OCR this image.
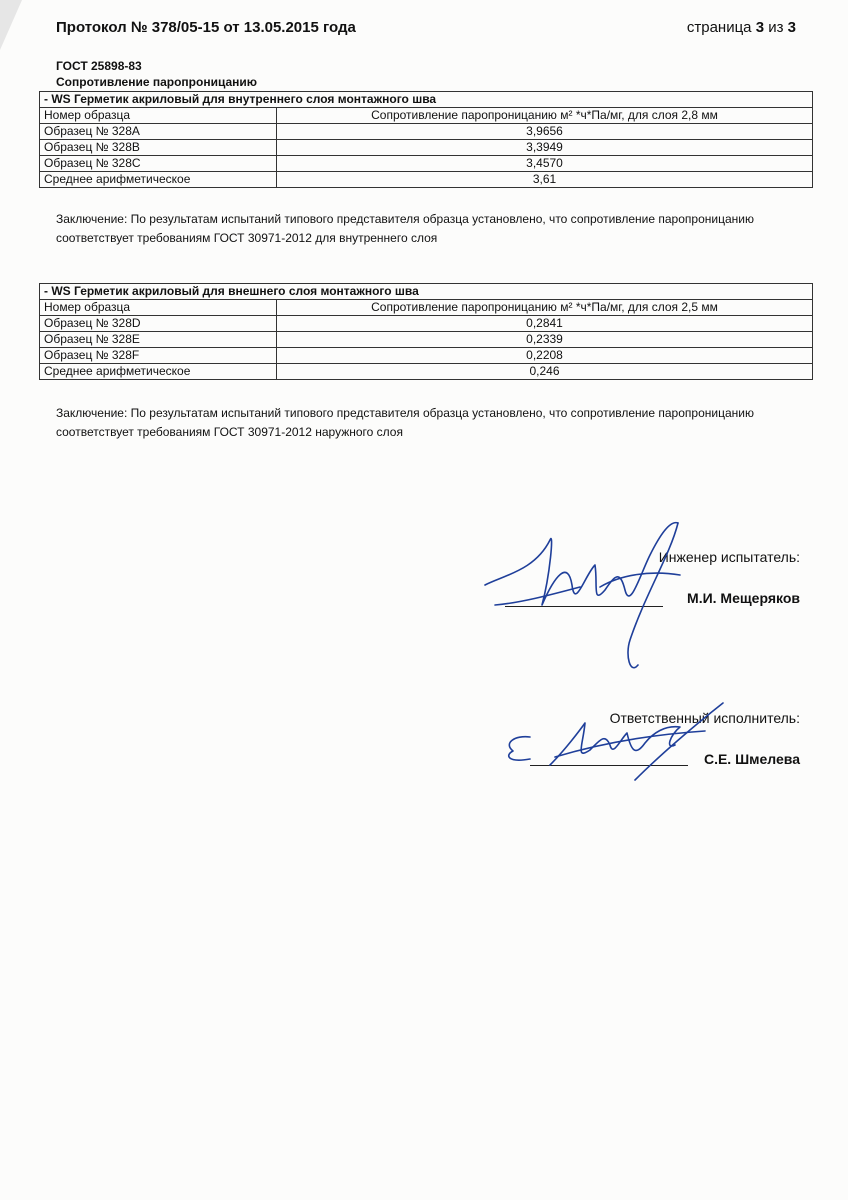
Протокол № 378/05-15 от 13.05.2015 года	страница 3 из 3
ГОСТ 25898-83
Сопротивление паропроницанию
- WS Герметик акриловый для внутреннего слоя монтажного шва	
Номер образца	Сопротивление паропроницанию м² *ч*Па/мг, для слоя 2,8 мм
Образец № 328А	3,9656
Образец № 328В	3,3949
Образец № 328С	3,4570
Среднее арифметическое	3,61
Заключение: По результатам испытаний типового представителя образца установлено, что сопротивление паропроницанию соответствует требованиям ГОСТ 30971-2012 для внутреннего слоя
- WS Герметик акриловый для внешнего слоя монтажного шва	
Номер образца	Сопротивление паропроницанию м² *ч*Па/мг, для слоя 2,5 мм
Образец № 328D	0,2841
Образец № 328Е	0,2339
Образец № 328F	0,2208
Среднее арифметическое	0,246
Заключение: По результатам испытаний типового представителя образца установлено, что сопротивление паропроницанию соответствует требованиям ГОСТ 30971-2012 наружного слоя
Инженер испытатель:
М.И. Мещеряков
Ответственный исполнитель:
С.Е. Шмелева
